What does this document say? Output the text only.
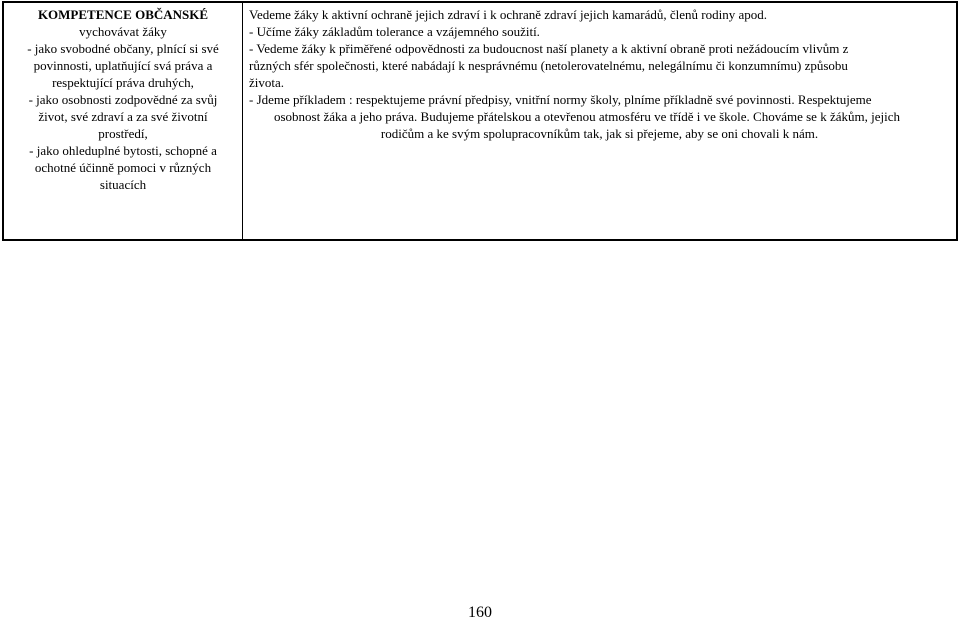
KOMPETENCE OBČANSKÉ
vychovávat žáky
- jako svobodné občany, plnící si své
povinnosti, uplatňující svá práva a
respektující práva druhých,
- jako osobnosti zodpovědné za svůj
život, své zdraví a za své životní
prostředí,
- jako ohleduplné bytosti, schopné a
ochotné účinně pomoci v různých
situacích
Vedeme žáky k aktivní ochraně jejich zdraví i k ochraně zdraví jejich kamarádů, členů rodiny apod.
- Učíme žáky základům tolerance a vzájemného soužití.
- Vedeme žáky k přiměřené odpovědnosti za budoucnost naší planety a k aktivní obraně proti nežádoucím vlivům z
různých sfér společnosti, které nabádají k nesprávnému (netolerovatelnému, nelegálnímu či konzumnímu) způsobu
života.
- Jdeme příkladem : respektujeme právní předpisy, vnitřní normy školy, plníme příkladně své povinnosti. Respektujeme
osobnost žáka a jeho práva. Budujeme přátelskou a otevřenou atmosféru ve třídě i ve škole. Chováme se k žákům, jejich
rodičům a ke svým spolupracovníkům tak, jak si přejeme, aby se oni chovali k nám.
160
